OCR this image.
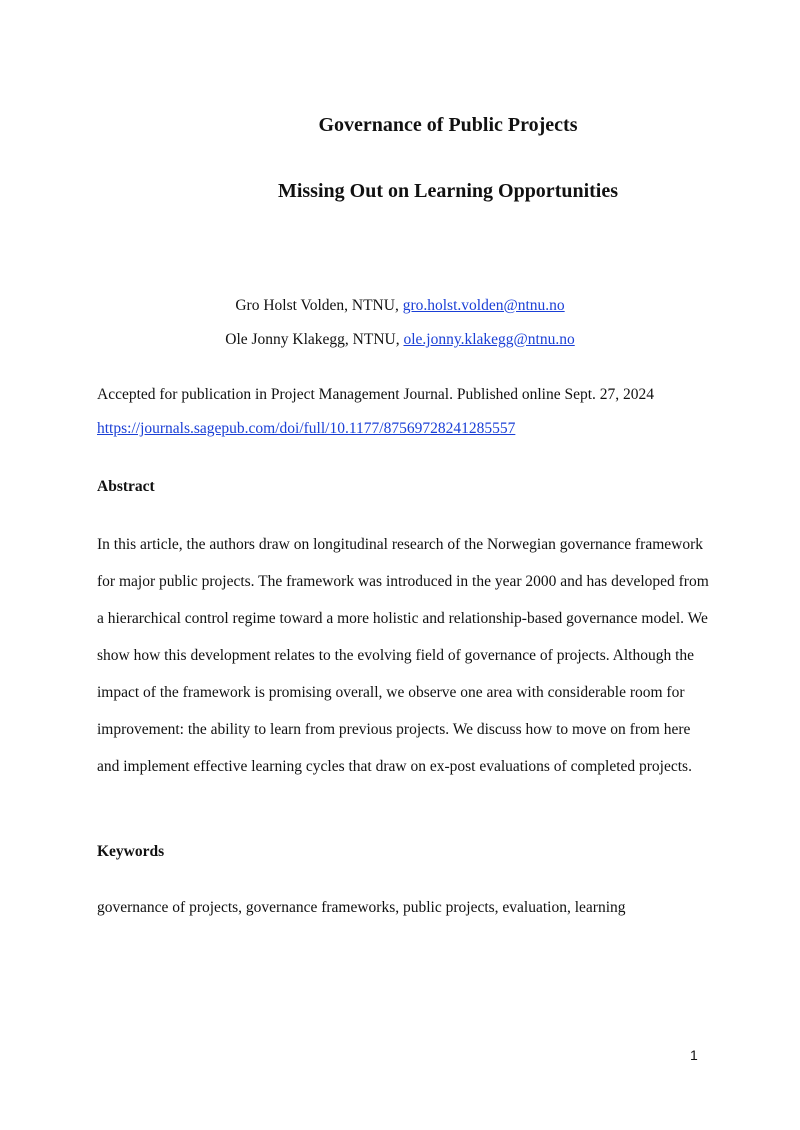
Governance of Public Projects
Missing Out on Learning Opportunities
Gro Holst Volden, NTNU, gro.holst.volden@ntnu.no
Ole Jonny Klakegg, NTNU, ole.jonny.klakegg@ntnu.no
Accepted for publication in Project Management Journal. Published online Sept. 27, 2024
https://journals.sagepub.com/doi/full/10.1177/87569728241285557
Abstract
In this article, the authors draw on longitudinal research of the Norwegian governance framework for major public projects. The framework was introduced in the year 2000 and has developed from a hierarchical control regime toward a more holistic and relationship-based governance model. We show how this development relates to the evolving field of governance of projects. Although the impact of the framework is promising overall, we observe one area with considerable room for improvement: the ability to learn from previous projects. We discuss how to move on from here and implement effective learning cycles that draw on ex-post evaluations of completed projects.
Keywords
governance of projects, governance frameworks, public projects, evaluation, learning
1
